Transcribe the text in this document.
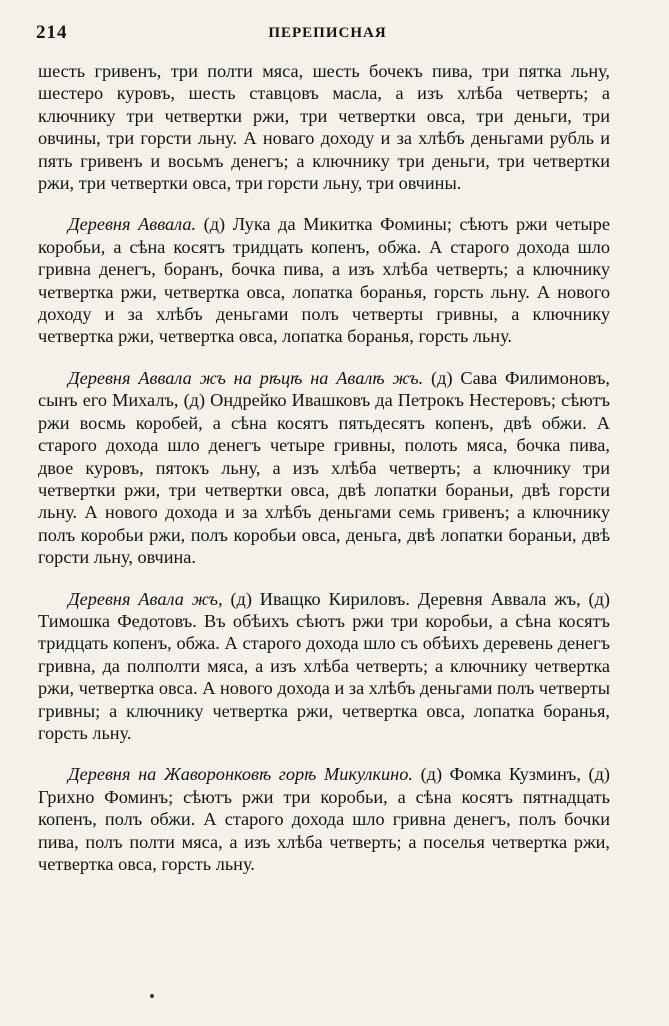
214	ПЕРЕПИСНАЯ

шесть гривенъ, три полти мяса, шесть бочекъ пива, три пятка льну, шестеро куровъ, шесть ставцовъ масла, а изъ хлѣба четверть; а ключнику три четвертки ржи, три четвертки овса, три деньги, три овчины, три горсти льну. А новаго доходу и за хлѣбъ деньгами рубль и пять гривенъ и восьмъ денегъ; а ключнику три деньги, три четвертки ржи, три четвертки овса, три горсти льну, три овчины.

Деревня Аввала. (д) Лука да Микитка Фомины; сѣютъ ржи четыре коробьи, а сѣна косятъ тридцать копенъ, обжа. А старого дохода шло гривна денегъ, боранъ, бочка пива, а изъ хлѣба четверть; а ключнику четвертка ржи, четвертка овса, лопатка боранья, горсть льну. А нового доходу и за хлѣбъ деньгами полъ четверты гривны, а ключнику четвертка ржи, четвертка овса, лопатка боранья, горсть льну.

Деревня Аввала жъ на рѣцѣ на Авалѣ жъ. (д) Сава Филимоновъ, сынъ его Михалъ, (д) Ондрейко Ивашковъ да Петрокъ Нестеровъ; сѣютъ ржи восмь коробей, а сѣна косятъ пятьдесятъ копенъ, двѣ обжи. А старого дохода шло денегъ четыре гривны, полоть мяса, бочка пива, двое куровъ, пятокъ льну, а изъ хлѣба четверть; а ключнику три четвертки ржи, три четвертки овса, двѣ лопатки бораньи, двѣ горсти льну. А нового дохода и за хлѣбъ деньгами семь гривенъ; а ключнику полъ коробьи ржи, полъ коробьи овса, деньга, двѣ лопатки бораньи, двѣ горсти льну, овчина.

Деревня Авала жъ, (д) Иващко Кириловъ. Деревня Аввала жъ, (д) Тимошка Федотовъ. Въ обѣихъ сѣютъ ржи три коробьи, а сѣна косятъ тридцать копенъ, обжа. А старого дохода шло съ обѣихъ деревень денегъ гривна, да полполти мяса, а изъ хлѣба четверть; а ключнику четвертка ржи, четвертка овса. А нового дохода и за хлѣбъ деньгами полъ четверты гривны; а ключнику четвертка ржи, четвертка овса, лопатка боранья, горсть льну.

Деревня на Жаворонковѣ горѣ Микулкино. (д) Фомка Кузминъ, (д) Грихно Фоминъ; сѣютъ ржи три коробьи, а сѣна косятъ пятнадцать копенъ, полъ обжи. А старого дохода шло гривна денегъ, полъ бочки пива, полъ полти мяса, а изъ хлѣба четверть; а поселья четвертка ржи, четвертка овса, горсть льну.
